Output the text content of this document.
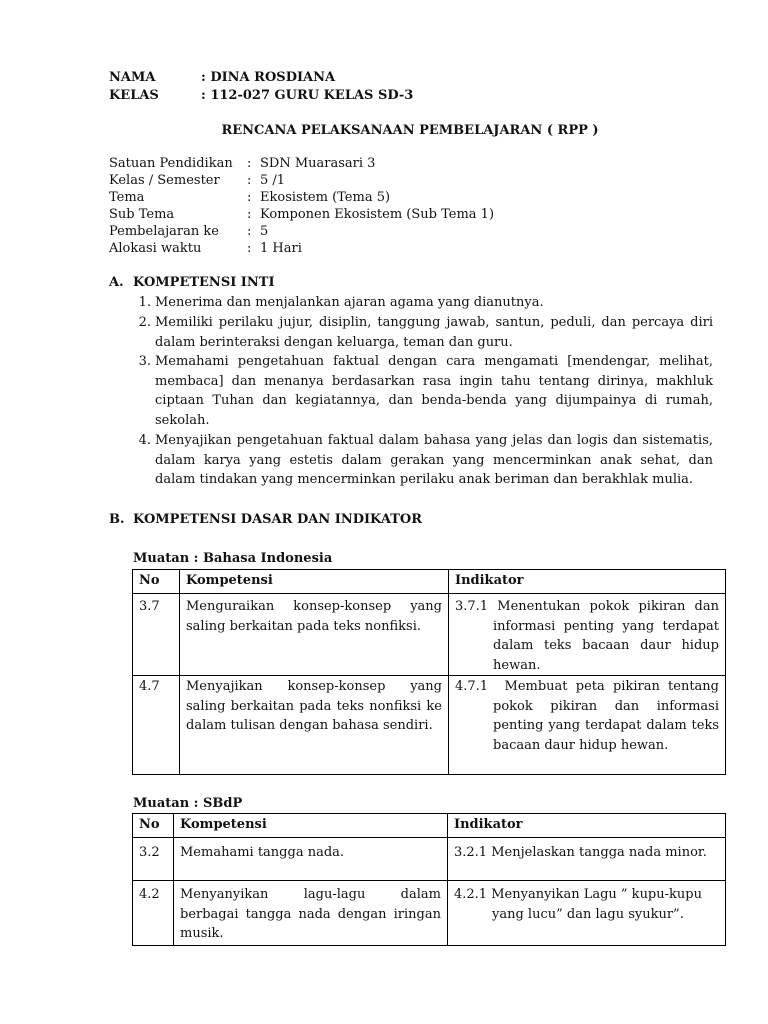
NAMA	: DINA ROSDIANA
KELAS	: 112-027 GURU KELAS SD-3
RENCANA PELAKSANAAN PEMBELAJARAN ( RPP )
Satuan Pendidikan : SDN Muarasari 3
Kelas / Semester : 5 /1
Tema	: Ekosistem (Tema 5)
Sub Tema	: Komponen Ekosistem (Sub Tema 1)
Pembelajaran ke : 5
Alokasi waktu	: 1 Hari
A. KOMPETENSI INTI
1. Menerima dan menjalankan ajaran agama yang dianutnya.
2. Memiliki perilaku jujur, disiplin, tanggung jawab, santun, peduli, dan percaya diri dalam berinteraksi dengan keluarga, teman dan guru.
3. Memahami pengetahuan faktual dengan cara mengamati [mendengar, melihat, membaca] dan menanya berdasarkan rasa ingin tahu tentang dirinya, makhluk ciptaan Tuhan dan kegiatannya, dan benda-benda yang dijumpainya di rumah, sekolah.
4. Menyajikan pengetahuan faktual dalam bahasa yang jelas dan logis dan sistematis, dalam karya yang estetis dalam gerakan yang mencerminkan anak sehat, dan dalam tindakan yang mencerminkan perilaku anak beriman dan berakhlak mulia.
B. KOMPETENSI DASAR DAN INDIKATOR
Muatan : Bahasa Indonesia
No	Kompetensi	Indikator
3.7	Menguraikan konsep-konsep yang saling berkaitan pada teks nonfiksi.	3.7.1 Menentukan pokok pikiran dan informasi penting yang terdapat dalam teks bacaan daur hidup hewan.

4.7	Menyajikan konsep-konsep yang saling berkaitan pada teks nonfiksi ke dalam tulisan dengan bahasa sendiri.	4.7.1 Membuat peta pikiran tentang pokok pikiran dan informasi penting yang terdapat dalam teks bacaan daur hidup hewan.
Muatan : SBdP
No	Kompetensi	Indikator
3.2	Memahami tangga nada.	3.2.1 Menjelaskan tangga nada minor.

4.2	Menyanyikan lagu-lagu dalam berbagai tangga nada dengan iringan musik.	4.2.1 Menyanyikan Lagu ” kupu-kupu yang lucu” dan lagu syukur”.
